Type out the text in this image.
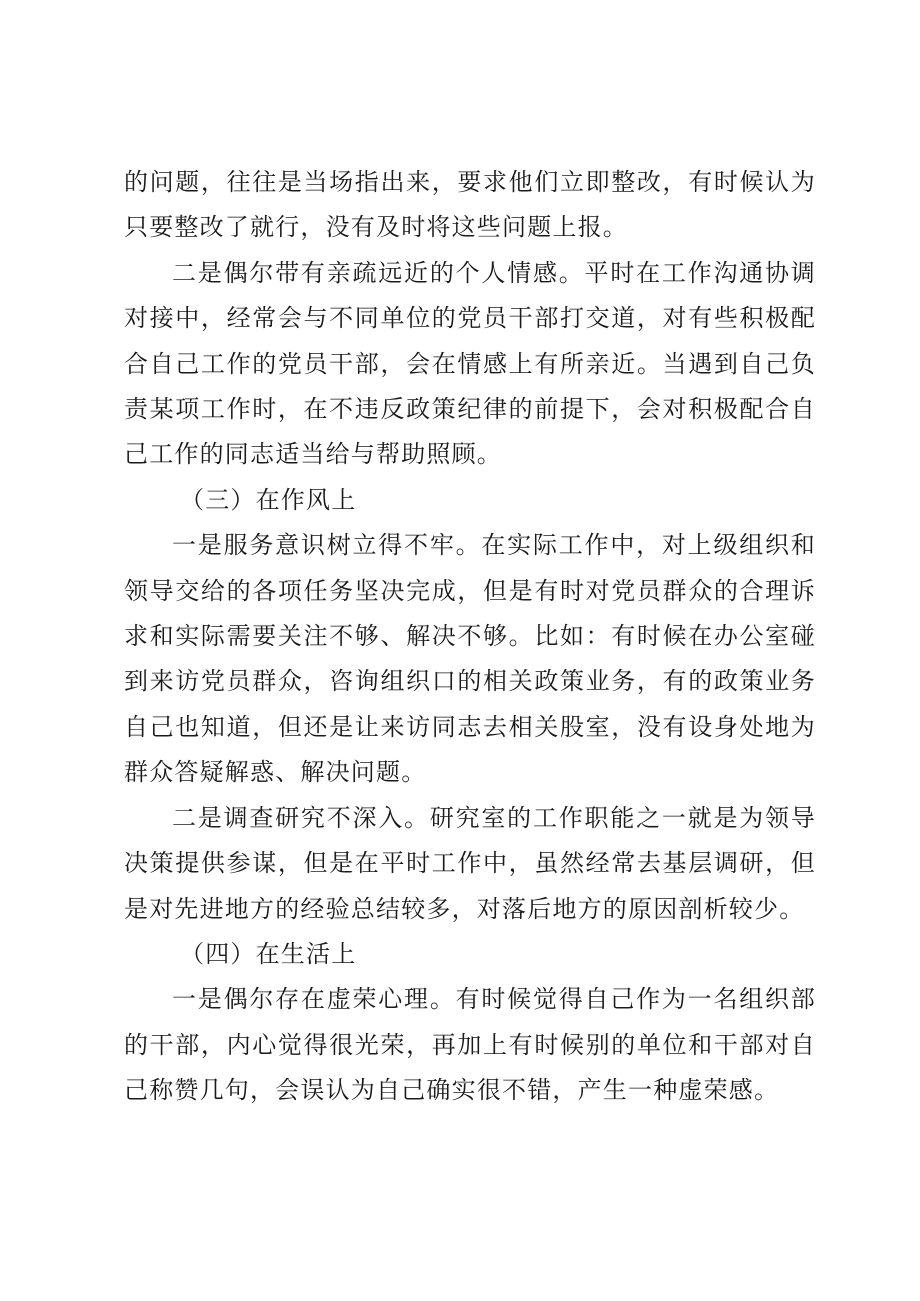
的问题，往往是当场指出来，要求他们立即整改，有时候认为只要整改了就行，没有及时将这些问题上报。

二是偶尔带有亲疏远近的个人情感。平时在工作沟通协调对接中，经常会与不同单位的党员干部打交道，对有些积极配合自己工作的党员干部，会在情感上有所亲近。当遇到自己负责某项工作时，在不违反政策纪律的前提下，会对积极配合自己工作的同志适当给与帮助照顾。

（三）在作风上

一是服务意识树立得不牢。在实际工作中，对上级组织和领导交给的各项任务坚决完成，但是有时对党员群众的合理诉求和实际需要关注不够、解决不够。比如：有时候在办公室碰到来访党员群众，咨询组织口的相关政策业务，有的政策业务自己也知道，但还是让来访同志去相关股室，没有设身处地为群众答疑解惑、解决问题。

二是调查研究不深入。研究室的工作职能之一就是为领导决策提供参谋，但是在平时工作中，虽然经常去基层调研，但是对先进地方的经验总结较多，对落后地方的原因剖析较少。

（四）在生活上

一是偶尔存在虚荣心理。有时候觉得自己作为一名组织部的干部，内心觉得很光荣，再加上有时候别的单位和干部对自己称赞几句，会误认为自己确实很不错，产生一种虚荣感。
